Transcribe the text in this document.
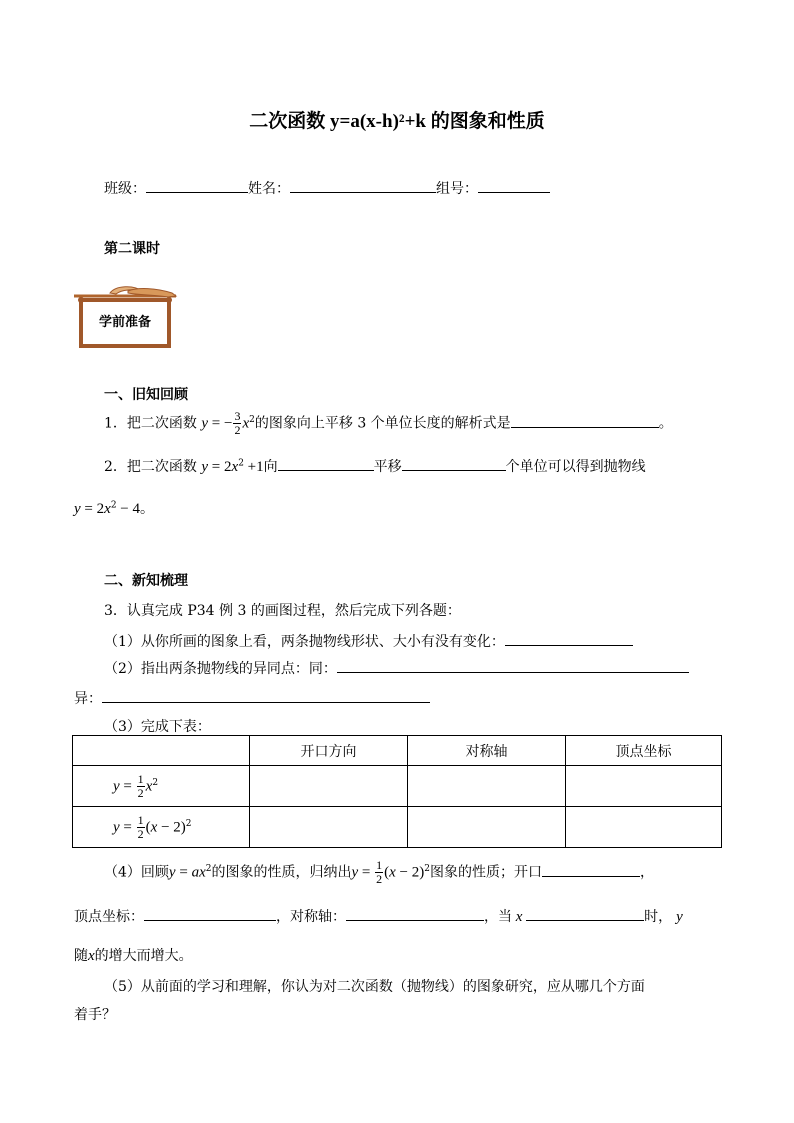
二次函数 y=a(x-h)²+k 的图象和性质
班级：	姓名：	组号：
第二课时
学前准备
一、旧知回顾
1．把二次函数 y = − $\frac{3}{2} x^2$的图象向上平移 3 个单位长度的解析式是	。
2．把二次函数 $y = 2x^2 +1$向	平移	个单位可以得到抛物线
$y = 2x^2 - 4$。
二、新知梳理
3．认真完成 P34 例 3 的画图过程，然后完成下列各题：
（1）从你所画的图象上看，两条抛物线形状、大小有没有变化：
（2）指出两条抛物线的异同点：同：
异：
（3）完成下表：
	开口方向	对称轴	顶点坐标
$y = \frac{1}{2} x^2$			
$y = \frac{1}{2} (x - 2)^2$			
（4）回顾$y = ax^2$的图象的性质，归纳出$y = \frac{1}{2} (x - 2)^2$图象的性质；开口	，
顶点坐标：	，对称轴：	，当 x	时， y
随x的增大而增大。
（5）从前面的学习和理解，你认为对二次函数（抛物线）的图象研究，应从哪几个方面
着手？
